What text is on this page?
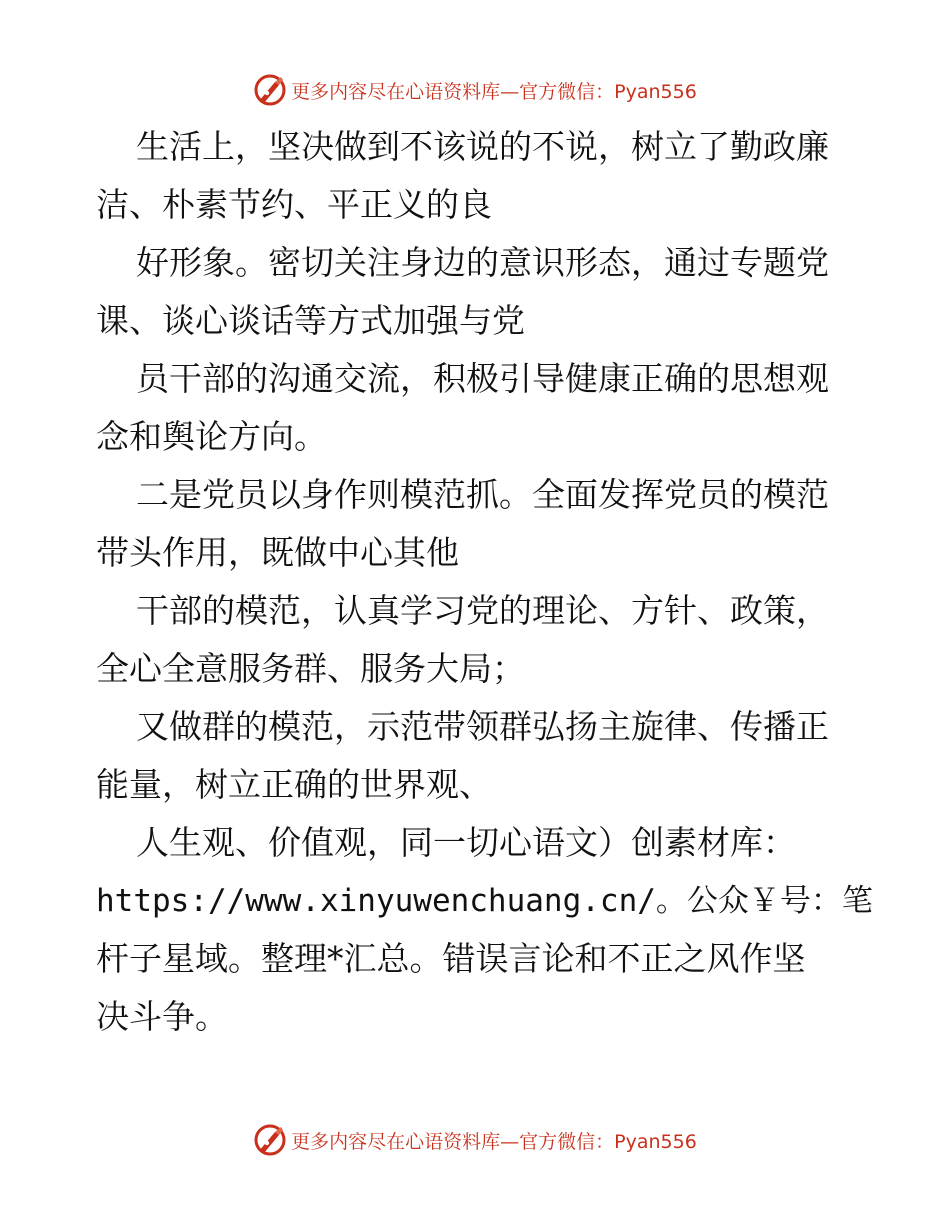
更多内容尽在心语资料库—官方微信：Pyan556
生活上，坚决做到不该说的不说，树立了勤政廉
洁、朴素节约、平正义的良
好形象。密切关注身边的意识形态，通过专题党
课、谈心谈话等方式加强与党
员干部的沟通交流，积极引导健康正确的思想观
念和舆论方向。
二是党员以身作则模范抓。全面发挥党员的模范
带头作用，既做中心其他
干部的模范，认真学习党的理论、方针、政策，
全心全意服务群、服务大局；
又做群的模范，示范带领群弘扬主旋律、传播正
能量，树立正确的世界观、
人生观、价值观，同一切心语文）创素材库：
https://www.xinyuwenchuang.cn/。公众￥号：笔
杆子星域。整理*汇总。错误言论和不正之风作坚
决斗争。
更多内容尽在心语资料库—官方微信：Pyan556
